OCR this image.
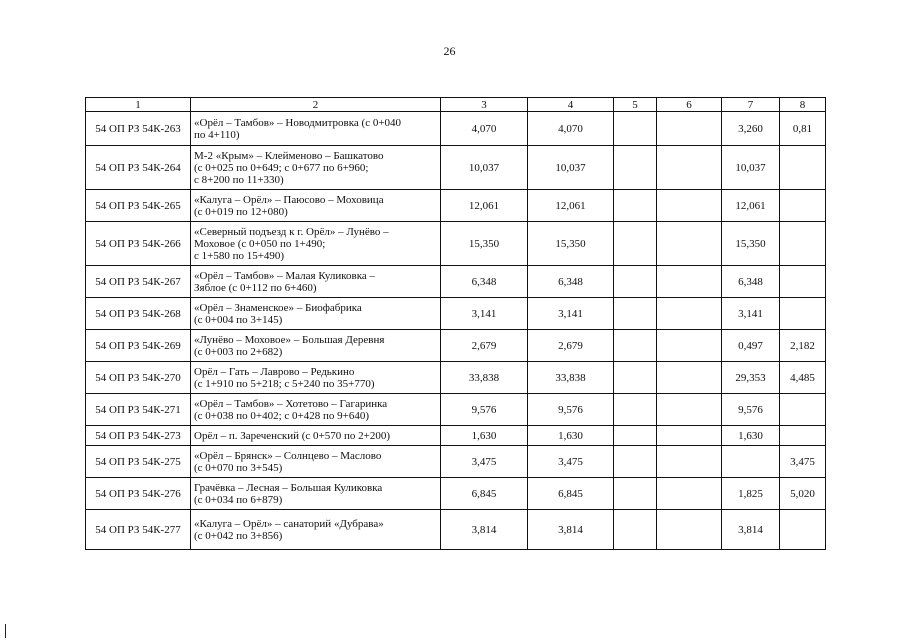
26
1	2	3	4	5	6	7	8
54 ОП РЗ 54К-263	«Орёл – Тамбов» – Новодмитровка (с 0+040
по 4+110)	4,070	4,070			3,260	0,81
54 ОП РЗ 54К-264	М-2 «Крым» – Клейменово – Башкатово
(с 0+025 по 0+649; с 0+677 по 6+960;
с 8+200 по 11+330)	10,037	10,037			10,037	
54 ОП РЗ 54К-265	«Калуга – Орёл» – Паюсово – Моховица
(с 0+019 по 12+080)	12,061	12,061			12,061	
54 ОП РЗ 54К-266	«Северный подъезд к г. Орёл» – Лунёво –
Моховое (с 0+050 по 1+490;
с 1+580 по 15+490)	15,350	15,350			15,350	
54 ОП РЗ 54К-267	«Орёл – Тамбов» – Малая Куликовка –
Зяблое (с 0+112 по 6+460)	6,348	6,348			6,348	
54 ОП РЗ 54К-268	«Орёл – Знаменское» – Биофабрика
(с 0+004 по 3+145)	3,141	3,141			3,141	
54 ОП РЗ 54К-269	«Лунёво – Моховое» – Большая Деревня
(с 0+003 по 2+682)	2,679	2,679			0,497	2,182
54 ОП РЗ 54К-270	Орёл – Гать – Лаврово – Редькино
(с 1+910 по 5+218; с 5+240 по 35+770)	33,838	33,838			29,353	4,485
54 ОП РЗ 54К-271	«Орёл – Тамбов» – Хотетово – Гагаринка
(с 0+038 по 0+402; с 0+428 по 9+640)	9,576	9,576			9,576	
54 ОП РЗ 54К-273	Орёл – п. Зареченский (с 0+570 по 2+200)	1,630	1,630			1,630	
54 ОП РЗ 54К-275	«Орёл – Брянск» – Солнцево – Маслово
(с 0+070 по 3+545)	3,475	3,475				3,475
54 ОП РЗ 54К-276	Грачёвка – Лесная – Большая Куликовка
(с 0+034 по 6+879)	6,845	6,845			1,825	5,020
54 ОП РЗ 54К-277	«Калуга – Орёл» – санаторий «Дубрава»
(с 0+042 по 3+856)	3,814	3,814			3,814	
